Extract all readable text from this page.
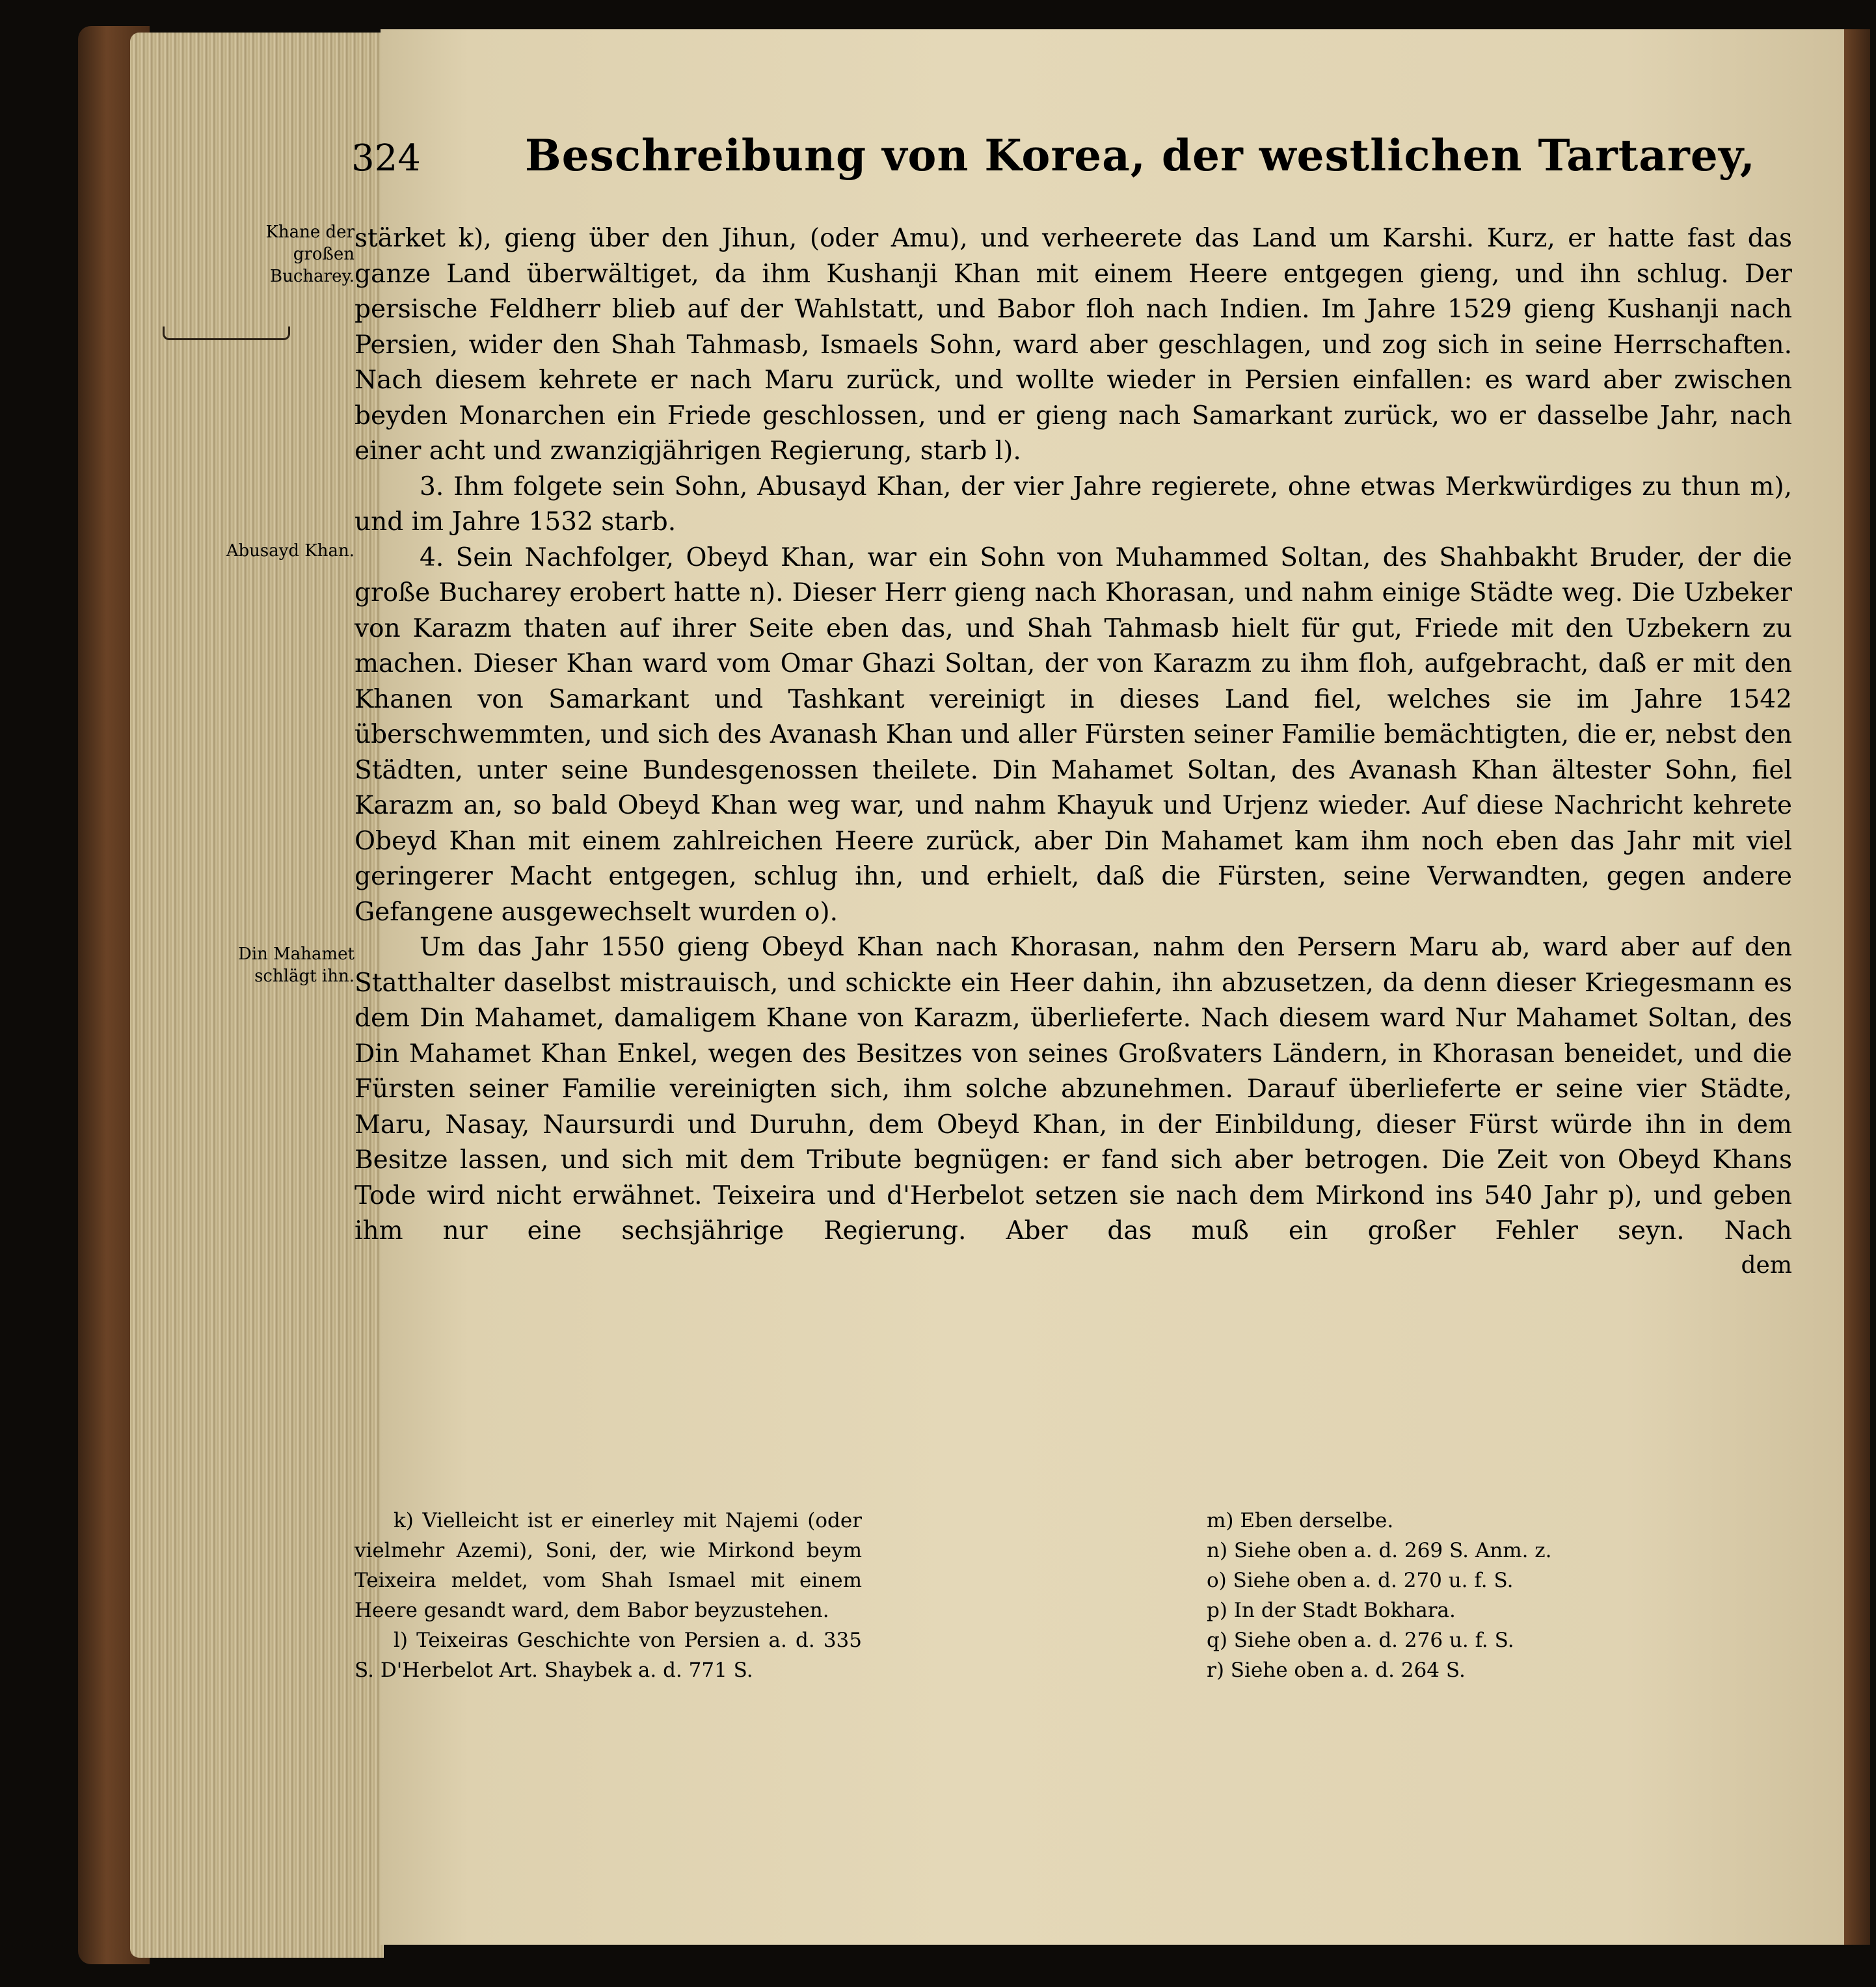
324 Beschreibung von Korea, der westlichen Tartarey,
Khane der großen Bucharey.
Abusayd Khan.
Din Mahamet schlägt ihn.

stärket k), gieng über den Jihun, (oder Amu), und verheerete das Land um Karshi. Kurz, er hatte fast das ganze Land überwältiget, da ihm Kushanji Khan mit einem Heere entgegen gieng, und ihn schlug. Der persische Feldherr blieb auf der Wahlstatt, und Babor floh nach Indien. Im Jahre 1529 gieng Kushanji nach Persien, wider den Shah Tahmasb, Ismaels Sohn, ward aber geschlagen, und zog sich in seine Herrschaften. Nach diesem kehrete er nach Maru zurück, und wollte wieder in Persien einfallen: es ward aber zwischen beyden Monarchen ein Friede geschlossen, und er gieng nach Samarkant zurück, wo er dasselbe Jahr, nach einer acht und zwanzigjährigen Regierung, starb l).

3. Ihm folgete sein Sohn, Abusayd Khan, der vier Jahre regierete, ohne etwas Merkwürdiges zu thun m), und im Jahre 1532 starb.

4. Sein Nachfolger, Obeyd Khan, war ein Sohn von Muhammed Soltan, des Shahbakht Bruder, der die große Bucharey erobert hatte n). Dieser Herr gieng nach Khorasan, und nahm einige Städte weg. Die Uzbeker von Karazm thaten auf ihrer Seite eben das, und Shah Tahmasb hielt für gut, Friede mit den Uzbekern zu machen. Dieser Khan ward vom Omar Ghazi Soltan, der von Karazm zu ihm floh, aufgebracht, daß er mit den Khanen von Samarkant und Tashkant vereinigt in dieses Land fiel, welches sie im Jahre 1542 überschwemmten, und sich des Avanash Khan und aller Fürsten seiner Familie bemächtigten, die er, nebst den Städten, unter seine Bundesgenossen theilete. Din Mahamet Soltan, des Avanash Khan ältester Sohn, fiel Karazm an, so bald Obeyd Khan weg war, und nahm Khayuk und Urjenz wieder. Auf diese Nachricht kehrete Obeyd Khan mit einem zahlreichen Heere zurück, aber Din Mahamet kam ihm noch eben das Jahr mit viel geringerer Macht entgegen, schlug ihn, und erhielt, daß die Fürsten, seine Verwandten, gegen andere Gefangene ausgewechselt wurden o).

Um das Jahr 1550 gieng Obeyd Khan nach Khorasan, nahm den Persern Maru ab, ward aber auf den Statthalter daselbst mistrauisch, und schickte ein Heer dahin, ihn abzusetzen, da denn dieser Kriegesmann es dem Din Mahamet, damaligem Khane von Karazm, überlieferte. Nach diesem ward Nur Mahamet Soltan, des Din Mahamet Khan Enkel, wegen des Besitzes von seines Großvaters Ländern, in Khorasan beneidet, und die Fürsten seiner Familie vereinigten sich, ihm solche abzunehmen. Darauf überlieferte er seine vier Städte, Maru, Nasay, Naursurdi und Duruhn, dem Obeyd Khan, in der Einbildung, dieser Fürst würde ihn in dem Besitze lassen, und sich mit dem Tribute begnügen: er fand sich aber betrogen. Die Zeit von Obeyd Khans Tode wird nicht erwähnet. Teixeira und d'Herbelot setzen sie nach dem Mirkond ins 540 Jahr p), und geben ihm nur eine sechsjährige Regierung. Aber das muß ein großer Fehler seyn. Nach

dem

k) Vielleicht ist er einerley mit Najemi (oder vielmehr Azemi), Soni, der, wie Mirkond beym Teixeira meldet, vom Shah Ismael mit einem Heere gesandt ward, dem Babor beyzustehen.

l) Teixeiras Geschichte von Persien a. d. 335 S. D'Herbelot Art. Shaybek a. d. 771 S.

m) Eben derselbe.

n) Siehe oben a. d. 269 S. Anm. z.

o) Siehe oben a. d. 270 u. f. S.

p) In der Stadt Bokhara.

q) Siehe oben a. d. 276 u. f. S.

r) Siehe oben a. d. 264 S.
